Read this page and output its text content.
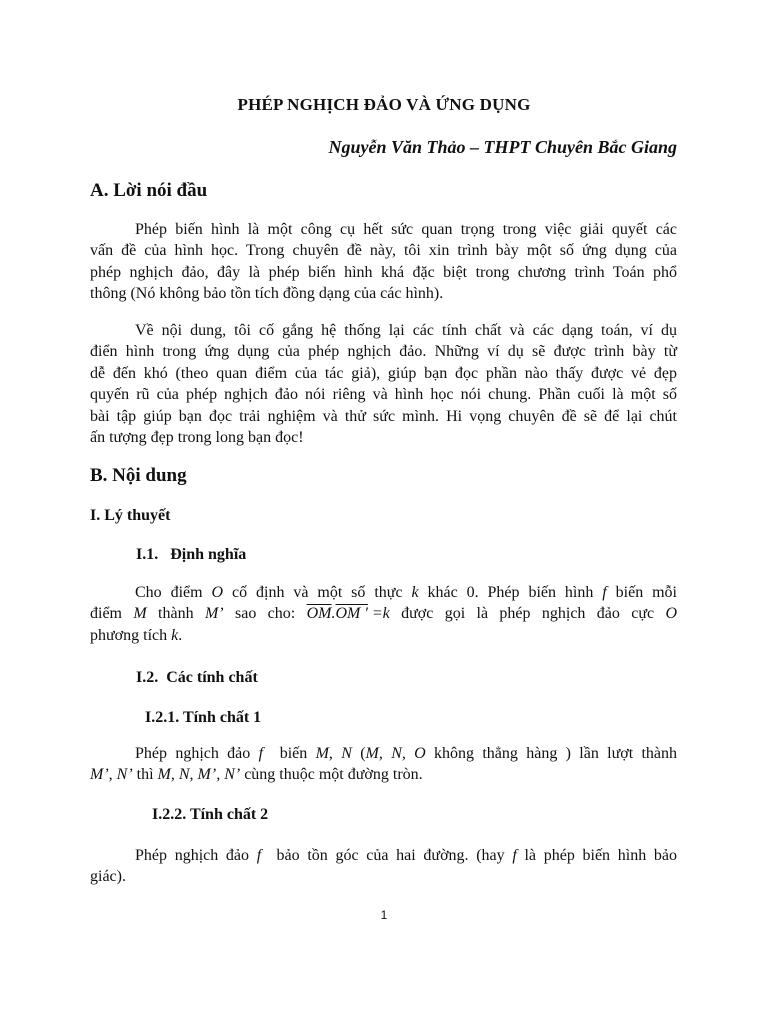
PHÉP NGHỊCH ĐẢO VÀ ỨNG DỤNG
Nguyễn Văn Thảo – THPT Chuyên Bắc Giang
A. Lời nói đầu
Phép biến hình là một công cụ hết sức quan trọng trong việc giải quyết các
vấn đề của hình học. Trong chuyên đề này, tôi xin trình bày một số ứng dụng của
phép nghịch đảo, đây là phép biến hình khá đặc biệt trong chương trình Toán phổ
thông (Nó không bảo tồn tích đồng dạng của các hình).
Về nội dung, tôi cố gắng hệ thống lại các tính chất và các dạng toán, ví dụ
điển hình trong ứng dụng của phép nghịch đảo. Những ví dụ sẽ được trình bày từ
dễ đến khó (theo quan điểm của tác giả), giúp bạn đọc phần nào thấy được vẻ đẹp
quyến rũ của phép nghịch đảo nói riêng và hình học nói chung. Phần cuối là một số
bài tập giúp bạn đọc trải nghiệm và thử sức mình. Hi vọng chuyên đề sẽ để lại chút
ấn tượng đẹp trong long bạn đọc!
B. Nội dung
I. Lý thuyết
I.1.   Định nghĩa
Cho điểm O cố định và một số thực k khác 0. Phép biến hình f biến mỗi
điểm M thành M’ sao cho: $\overline{OM}.OM$ ' =k được gọi là phép nghịch đảo cực O
phương tích k.
I.2.  Các tính chất
I.2.1. Tính chất 1
Phép nghịch đảo f  biến M, N (M, N, O không thẳng hàng ) lần lượt thành
M’, N’ thì M, N, M’, N’ cùng thuộc một đường tròn.
I.2.2. Tính chất 2
Phép nghịch đảo f  bảo tồn góc của hai đường. (hay f là phép biến hình bảo
giác).
1
